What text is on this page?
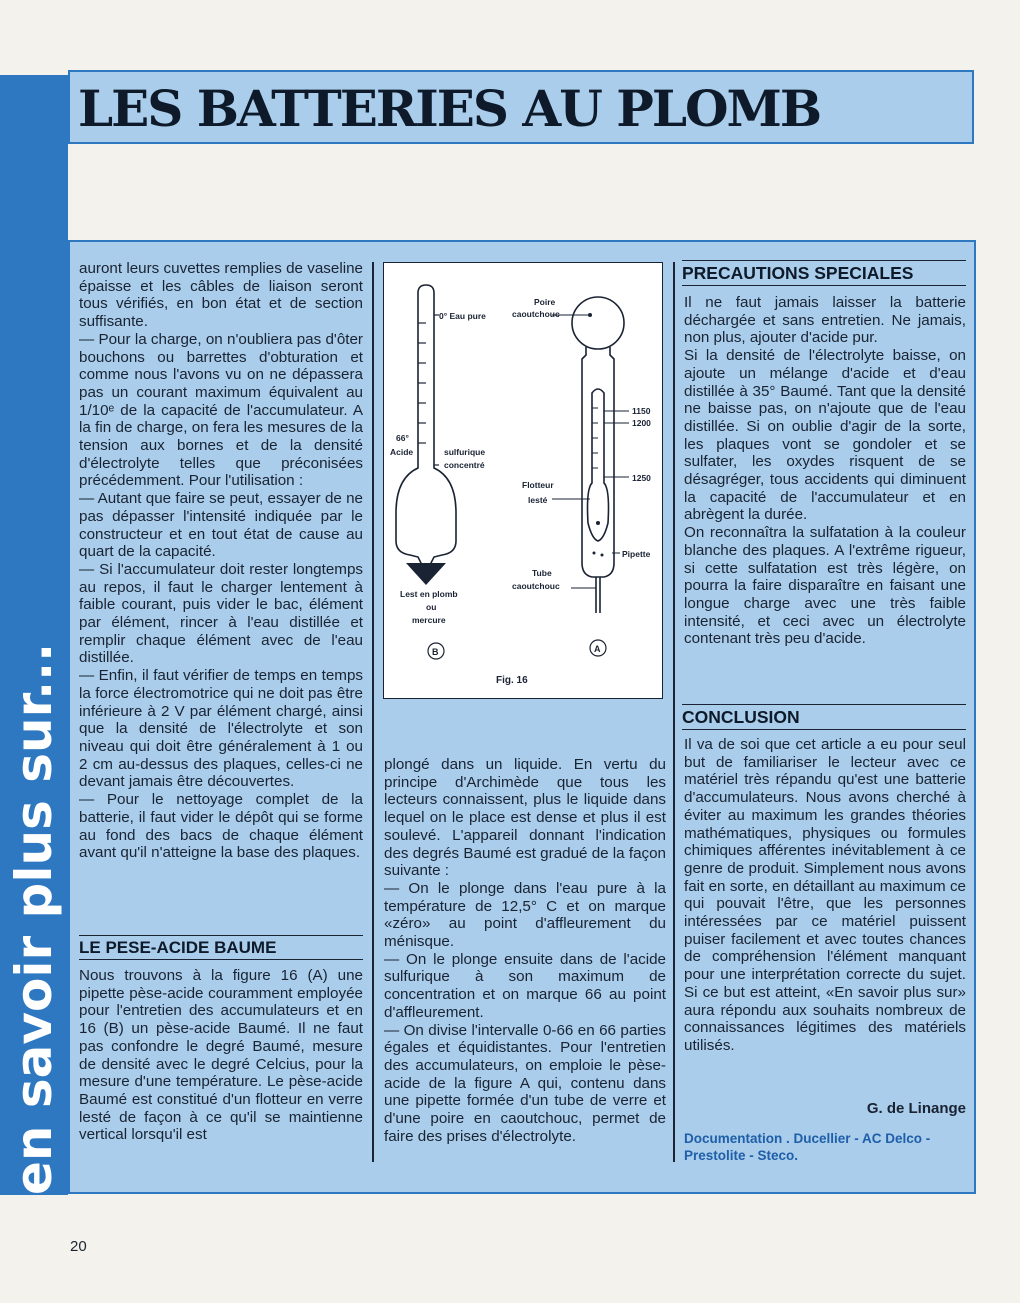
en savoir plus sur...
LES BATTERIES AU PLOMB

auront leurs cuvettes remplies de vaseline épaisse et les câbles de liaison seront tous vérifiés, en bon état et de section suffisante.

— Pour la charge, on n'oubliera pas d'ôter bouchons ou barrettes d'obturation et comme nous l'avons vu on ne dépassera pas un courant maximum équivalent au 1/10ᵉ de la capacité de l'accumulateur. A la fin de charge, on fera les mesures de la tension aux bornes et de la densité d'électrolyte telles que préconisées précédemment. Pour l'utilisation :

— Autant que faire se peut, essayer de ne pas dépasser l'intensité indiquée par le constructeur et en tout état de cause au quart de la capacité.

— Si l'accumulateur doit rester longtemps au repos, il faut le charger lentement à faible courant, puis vider le bac, élément par élément, rincer à l'eau distillée et remplir chaque élément avec de l'eau distillée.

— Enfin, il faut vérifier de temps en temps la force électromotrice qui ne doit pas être inférieure à 2 V par élément chargé, ainsi que la densité de l'électrolyte et son niveau qui doit être généralement à 1 ou 2 cm au-dessus des plaques, celles-ci ne devant jamais être découvertes.

— Pour le nettoyage complet de la batterie, il faut vider le dépôt qui se forme au fond des bacs de chaque élément avant qu'il n'atteigne la base des plaques.

LE PESE-ACIDE BAUME

Nous trouvons à la figure 16 (A) une pipette pèse-acide couramment employée pour l'entretien des accumulateurs et en 16 (B) un pèse-acide Baumé. Il ne faut pas confondre le degré Baumé, mesure de densité avec le degré Celcius, pour la mesure d'une température. Le pèse-acide Baumé est constitué d'un flotteur en verre lesté de façon à ce qu'il se maintienne vertical lorsqu'il est

0° Eau pure
66°
Acide	sulfurique
concentré
Lest en plomb
ou
mercure
B
Poire
caoutchouc
1150
1200
1250
Flotteur
lesté
Pipette
Tube
caoutchouc
A
Fig. 16

plongé dans un liquide. En vertu du principe d'Archimède que tous les lecteurs connaissent, plus le liquide dans lequel on le place est dense et plus il est soulevé. L'appareil donnant l'indication des degrés Baumé est gradué de la façon suivante :

— On le plonge dans l'eau pure à la température de 12,5° C et on marque «zéro» au point d'affleurement du ménisque.

— On le plonge ensuite dans de l'acide sulfurique à son maximum de concentration et on marque 66 au point d'affleurement.

— On divise l'intervalle 0-66 en 66 parties égales et équidistantes. Pour l'entretien des accumulateurs, on emploie le pèse-acide de la figure A qui, contenu dans une pipette formée d'un tube de verre et d'une poire en caoutchouc, permet de faire des prises d'électrolyte.

PRECAUTIONS SPECIALES

Il ne faut jamais laisser la batterie déchargée et sans entretien. Ne jamais, non plus, ajouter d'acide pur.

Si la densité de l'électrolyte baisse, on ajoute un mélange d'acide et d'eau distillée à 35° Baumé. Tant que la densité ne baisse pas, on n'ajoute que de l'eau distillée. Si on oublie d'agir de la sorte, les plaques vont se gondoler et se sulfater, les oxydes risquent de se désagréger, tous accidents qui diminuent la capacité de l'accumulateur et en abrègent la durée.

On reconnaîtra la sulfatation à la couleur blanche des plaques. A l'extrême rigueur, si cette sulfatation est très légère, on pourra la faire disparaître en faisant une longue charge avec une très faible intensité, et ceci avec un électrolyte contenant très peu d'acide.

CONCLUSION

Il va de soi que cet article a eu pour seul but de familiariser le lecteur avec ce matériel très répandu qu'est une batterie d'accumulateurs. Nous avons cherché à éviter au maximum les grandes théories mathématiques, physiques ou formules chimiques afférentes inévitablement à ce genre de produit. Simplement nous avons fait en sorte, en détaillant au maximum ce qui pouvait l'être, que les personnes intéressées par ce matériel puissent puiser facilement et avec toutes chances de compréhension l'élément manquant pour une interprétation correcte du sujet. Si ce but est atteint, «En savoir plus sur» aura répondu aux souhaits nombreux de connaissances légitimes des matériels utilisés.

G. de Linange
Documentation . Ducellier - AC Delco - Prestolite - Steco.
20
